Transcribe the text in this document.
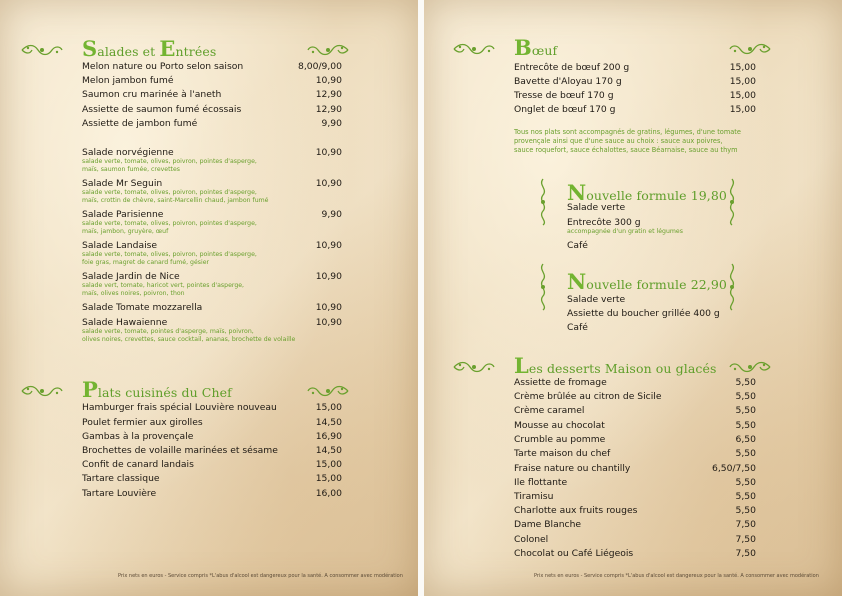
Salades et Entrées
Melon nature ou Porto selon saison	8,00/9,00
Melon jambon fumé	10,90
Saumon cru marinée à l'aneth	12,90
Assiette de saumon fumé écossais	12,90
Assiette de jambon fumé	9,90
Salade norvégienne	10,90
salade verte, tomate, olives, poivron, pointes d'asperge,
maïs, saumon fumée, crevettes
Salade Mr Seguin	10,90
salade verte, tomate, olives, poivron, pointes d'asperge,
maïs, crottin de chèvre, saint-Marcellin chaud, jambon fumé
Salade Parisienne	9,90
salade verte, tomate, olives, poivron, pointes d'asperge,
maïs, jambon, gruyère, œuf
Salade Landaise	10,90
salade verte, tomate, olives, poivron, pointes d'asperge,
foie gras, magret de canard fumé, gésier
Salade Jardin de Nice	10,90
salade vert, tomate, haricot vert, pointes d'asperge,
maïs, olives noires, poivron, thon
Salade Tomate mozzarella	10,90
Salade Hawaienne	10,90
salade verte, tomate, pointes d'asperge, maïs, poivron,
olives noires, crevettes, sauce cocktail, ananas, brochette de volaille
Plats cuisinés du Chef
Hamburger frais spécial Louvière nouveau	15,00
Poulet fermier aux girolles	14,50
Gambas à la provençale	16,90
Brochettes de volaille marinées et sésame	14,50
Confit de canard landais	15,00
Tartare classique	15,00
Tartare Louvière	16,00
Prix nets en euros - Service compris *L'abus d'alcool est dangereux pour la santé. A consommer avec modération
Bœuf
Entrecôte de bœuf 200 g	15,00
Bavette d'Aloyau 170 g	15,00
Tresse de bœuf 170 g	15,00
Onglet de bœuf 170 g	15,00
Tous nos plats sont accompagnés de gratins, légumes, d'une tomate
provençale ainsi que d'une sauce au choix : sauce aux poivres,
sauce roquefort, sauce échalottes, sauce Béarnaise, sauce au thym
Nouvelle formule 19,80
Salade verte
Entrecôte 300 g
accompagnée d'un gratin et légumes
Café
Nouvelle formule 22,90
Salade verte
Assiette du boucher grillée 400 g
Café
Les desserts Maison ou glacés
Assiette de fromage	5,50
Crème brûlée au citron de Sicile	5,50
Crème caramel	5,50
Mousse au chocolat	5,50
Crumble au pomme	6,50
Tarte maison du chef	5,50
Fraise nature ou chantilly	6,50/7,50
Ile flottante	5,50
Tiramisu	5,50
Charlotte aux fruits rouges	5,50
Dame Blanche	7,50
Colonel	7,50
Chocolat ou Café Liégeois	7,50
Prix nets en euros - Service compris *L'abus d'alcool est dangereux pour la santé. A consommer avec modération
